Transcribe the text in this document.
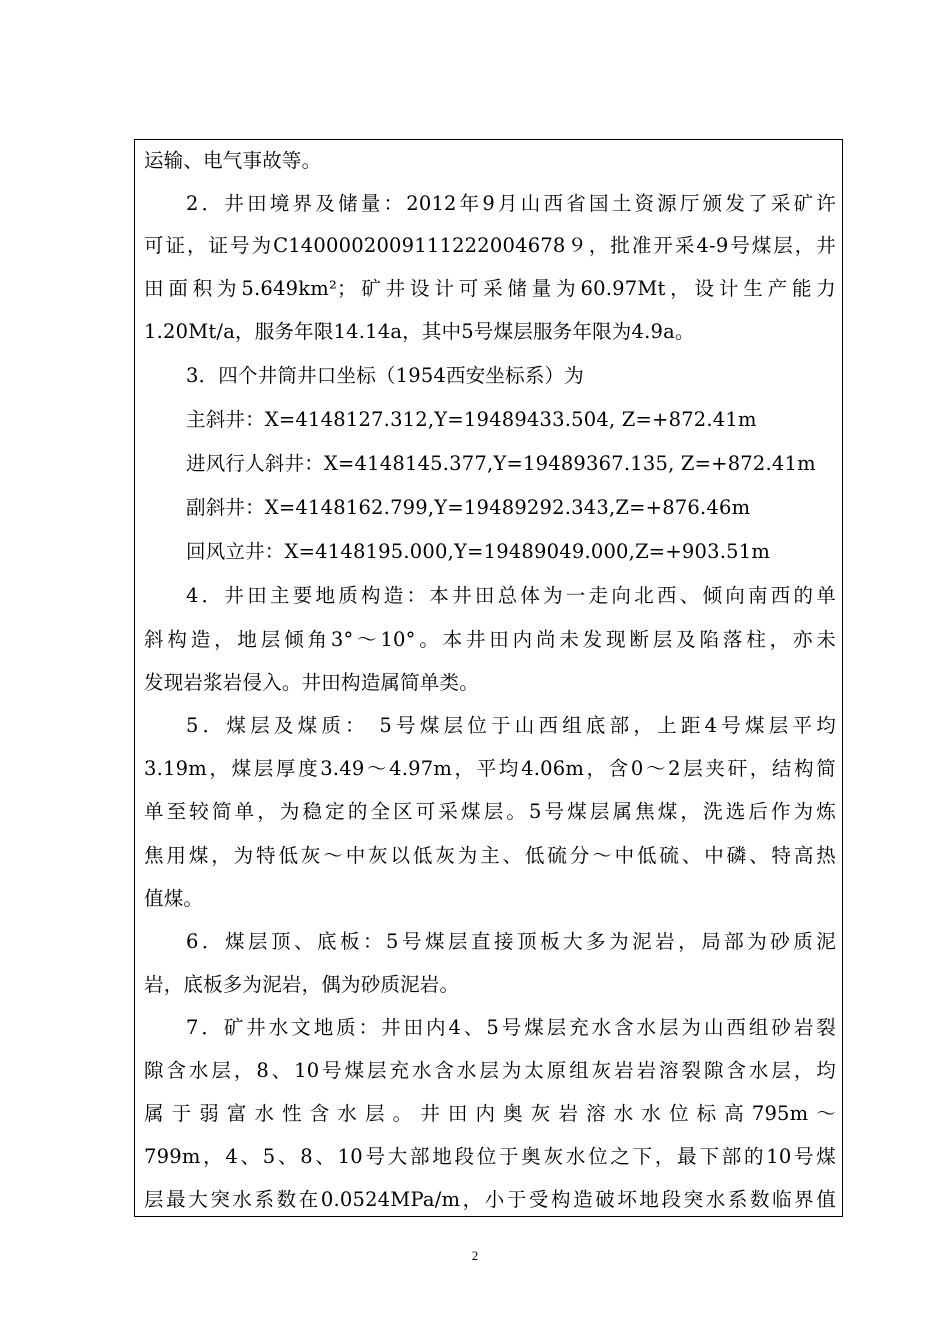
运输、电气事故等。
2．井田境界及储量：2012年9月山西省国土资源厅颁发了采矿许
可证，证号为C1400002009111222004678９，批准开采4-9号煤层，井
田面积为5.649km²；矿井设计可采储量为60.97Mt，设计生产能力
1.20Mt/a，服务年限14.14a，其中5号煤层服务年限为4.9a。
3．四个井筒井口坐标（1954西安坐标系）为
主斜井：X=4148127.312,Y=19489433.504, Z=+872.41m
进风行人斜井：X=4148145.377,Y=19489367.135, Z=+872.41m
副斜井：X=4148162.799,Y=19489292.343,Z=+876.46m
回风立井：X=4148195.000,Y=19489049.000,Z=+903.51m
4．井田主要地质构造：本井田总体为一走向北西、倾向南西的单
斜构造，地层倾角3°～10°。本井田内尚未发现断层及陷落柱，亦未
发现岩浆岩侵入。井田构造属简单类。
5．煤层及煤质： 5号煤层位于山西组底部，上距4号煤层平均
3.19m，煤层厚度3.49～4.97m，平均4.06m，含0～2层夹矸，结构简
单至较简单，为稳定的全区可采煤层。5号煤层属焦煤，洗选后作为炼
焦用煤，为特低灰～中灰以低灰为主、低硫分～中低硫、中磷、特高热
值煤。
6．煤层顶、底板：5号煤层直接顶板大多为泥岩，局部为砂质泥
岩，底板多为泥岩，偶为砂质泥岩。
7．矿井水文地质：井田内4、5号煤层充水含水层为山西组砂岩裂
隙含水层，8、10号煤层充水含水层为太原组灰岩岩溶裂隙含水层，均
属于弱富水性含水层。井田内奥灰岩溶水水位标高795m～
799m，4、5、8、10号大部地段位于奥灰水位之下，最下部的10号煤
层最大突水系数在0.0524MPa/m，小于受构造破坏地段突水系数临界值
2
